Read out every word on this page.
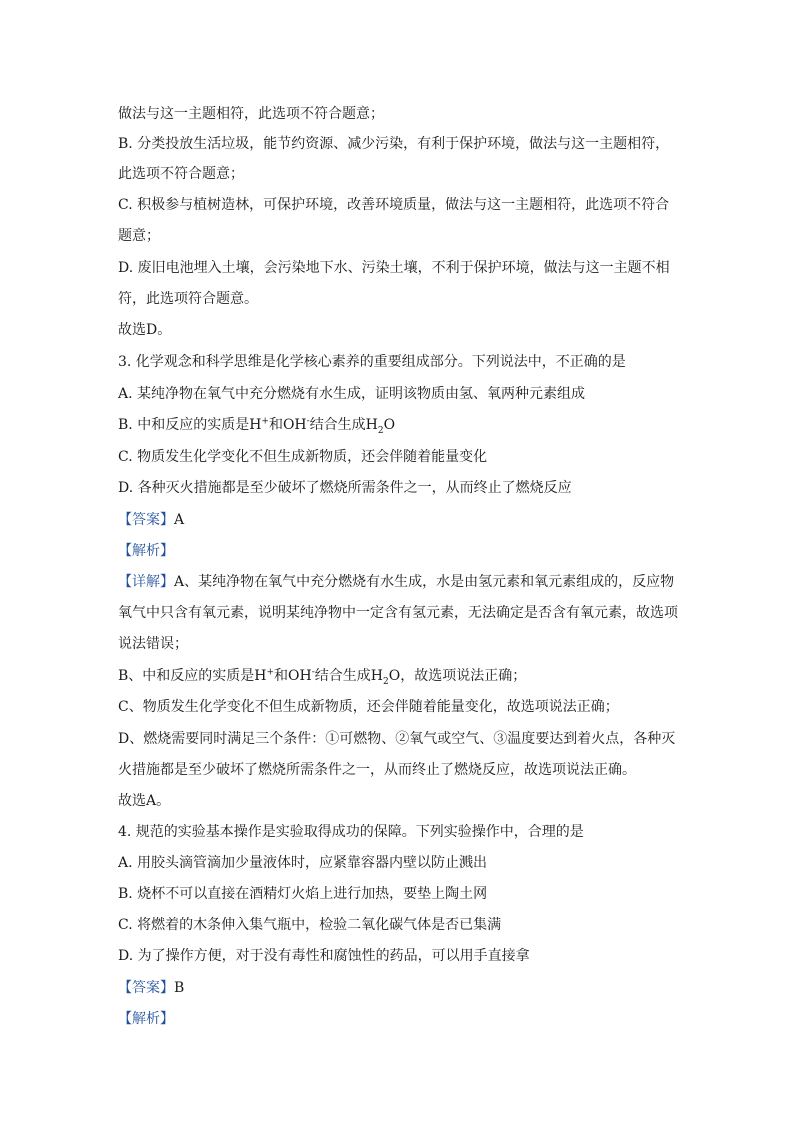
做法与这一主题相符，此选项不符合题意；
B. 分类投放生活垃圾，能节约资源、减少污染，有利于保护环境，做法与这一主题相符，
此选项不符合题意；
C. 积极参与植树造林，可保护环境，改善环境质量，做法与这一主题相符，此选项不符合
题意；
D. 废旧电池埋入土壤，会污染地下水、污染土壤，不利于保护环境，做法与这一主题不相
符，此选项符合题意。
故选D。
3. 化学观念和科学思维是化学核心素养的重要组成部分。下列说法中，不正确的是
A. 某纯净物在氧气中充分燃烧有水生成，证明该物质由氢、氧两种元素组成
B. 中和反应的实质是H+和OH-结合生成$H_2O$
C. 物质发生化学变化不但生成新物质，还会伴随着能量变化
D. 各种灭火措施都是至少破坏了燃烧所需条件之一，从而终止了燃烧反应
【答案】A
【解析】
【详解】A、某纯净物在氧气中充分燃烧有水生成，水是由氢元素和氧元素组成的，反应物
氧气中只含有氧元素，说明某纯净物中一定含有氢元素，无法确定是否含有氧元素，故选项
说法错误；
B、中和反应的实质是H+和OH-结合生成$H_2O$，故选项说法正确；
C、物质发生化学变化不但生成新物质，还会伴随着能量变化，故选项说法正确；
D、燃烧需要同时满足三个条件：①可燃物、②氧气或空气、③温度要达到着火点，各种灭
火措施都是至少破坏了燃烧所需条件之一，从而终止了燃烧反应，故选项说法正确。
故选A。
4. 规范的实验基本操作是实验取得成功的保障。下列实验操作中，合理的是
A. 用胶头滴管滴加少量液体时，应紧靠容器内壁以防止溅出
B. 烧杯不可以直接在酒精灯火焰上进行加热，要垫上陶土网
C. 将燃着的木条伸入集气瓶中，检验二氧化碳气体是否已集满
D. 为了操作方便，对于没有毒性和腐蚀性的药品，可以用手直接拿
【答案】B
【解析】
